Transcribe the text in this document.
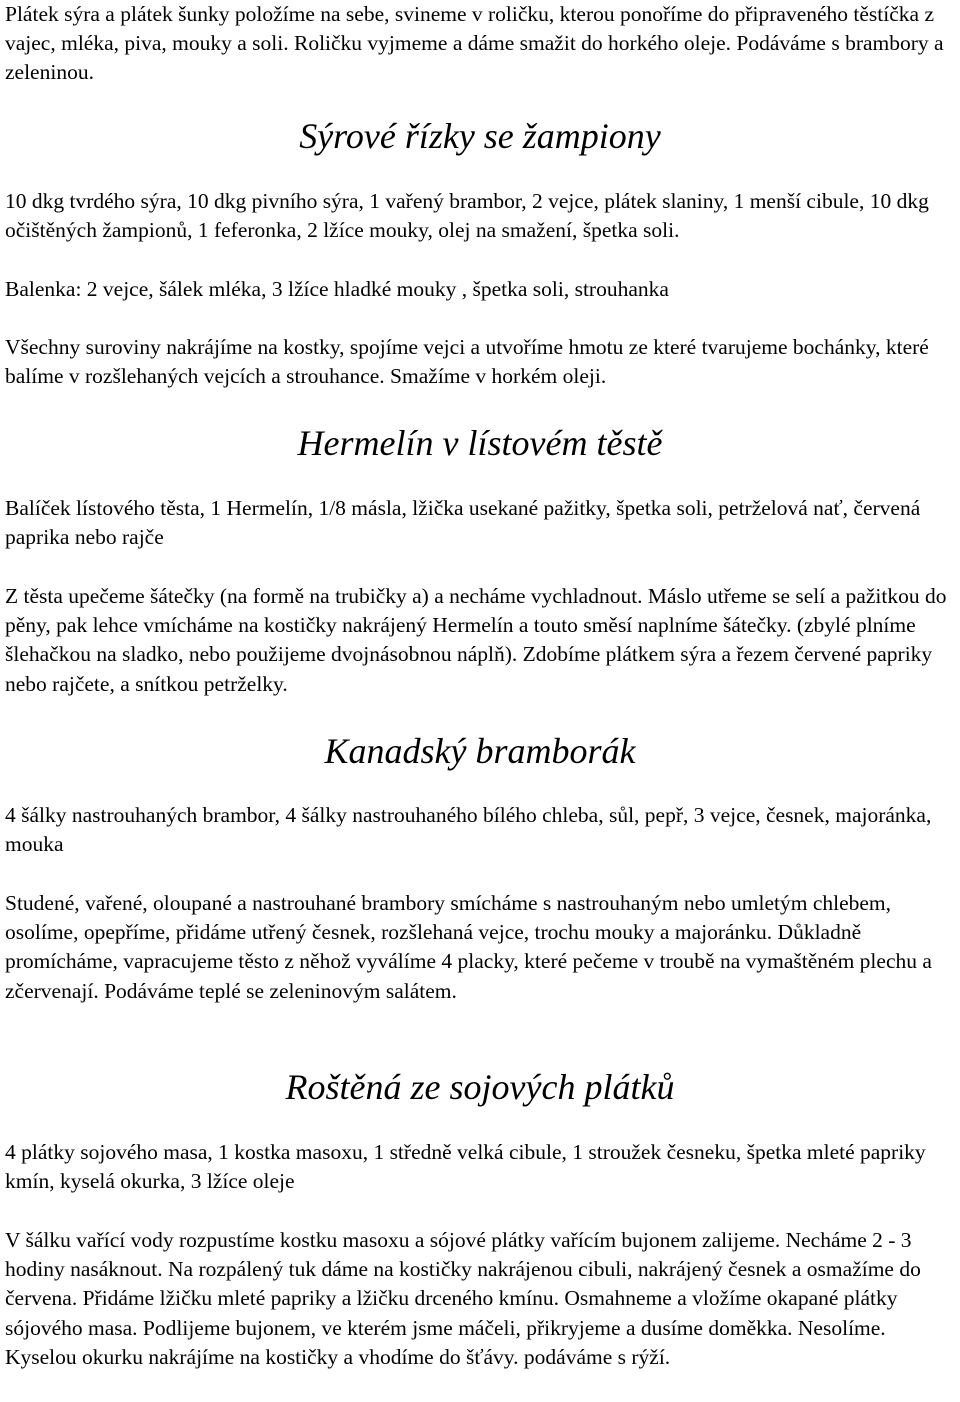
Plátek sýra a plátek šunky položíme na sebe, svineme v roličku, kterou ponoříme do připraveného těstíčka z vajec, mléka, piva, mouky a soli. Roličku vyjmeme a dáme smažit do horkého oleje. Podáváme s brambory a zeleninou.

Sýrové řízky se žampiony

10 dkg tvrdého sýra, 10 dkg pivního sýra, 1 vařený brambor, 2 vejce, plátek slaniny, 1 menší cibule, 10 dkg očištěných žampionů, 1 feferonka, 2 lžíce mouky, olej na smažení, špetka soli.

Balenka: 2 vejce, šálek mléka, 3 lžíce hladké mouky , špetka soli, strouhanka

Všechny suroviny nakrájíme na kostky, spojíme vejci a utvoříme hmotu ze které tvarujeme bochánky, které balíme v rozšlehaných vejcích a strouhance. Smažíme v horkém oleji.

Hermelín v lístovém těstě

Balíček lístového těsta, 1 Hermelín, 1/8 másla, lžička usekané pažitky, špetka soli, petrželová nať, červená paprika nebo rajče

Z těsta upečeme šátečky (na formě na trubičky a) a necháme vychladnout. Máslo utřeme se selí a pažitkou do pěny, pak lehce vmícháme na kostičky nakrájený Hermelín a touto směsí naplníme šátečky. (zbylé plníme šlehačkou na sladko, nebo použijeme dvojnásobnou náplň). Zdobíme plátkem sýra a řezem červené papriky nebo rajčete, a snítkou petrželky.

Kanadský bramborák

4 šálky nastrouhaných brambor, 4 šálky nastrouhaného bílého chleba, sůl, pepř, 3 vejce, česnek, majoránka, mouka

Studené, vařené, oloupané a nastrouhané brambory smícháme s nastrouhaným nebo umletým chlebem, osolíme, opepříme, přidáme utřený česnek, rozšlehaná vejce, trochu mouky a majoránku. Důkladně promícháme, vapracujeme těsto z něhož vyválíme 4 placky, které pečeme v troubě na vymaštěném plechu a zčervenají. Podáváme teplé se zeleninovým salátem.

Roštěná ze sojových plátků

4 plátky sojového masa, 1 kostka masoxu, 1 středně velká cibule, 1 stroužek česneku, špetka mleté papriky kmín, kyselá okurka, 3 lžíce oleje

V šálku vařící vody rozpustíme kostku masoxu a sójové plátky vařícím bujonem zalijeme. Necháme 2 - 3 hodiny nasáknout. Na rozpálený tuk dáme na kostičky nakrájenou cibuli, nakrájený česnek a osmažíme do červena. Přidáme lžičku mleté papriky a lžičku drceného kmínu. Osmahneme a vložíme okapané plátky sójového masa. Podlijeme bujonem, ve kterém jsme máčeli, přikryjeme a dusíme doměkka. Nesolíme. Kyselou okurku nakrájíme na kostičky a vhodíme do šťávy. podáváme s rýží.
